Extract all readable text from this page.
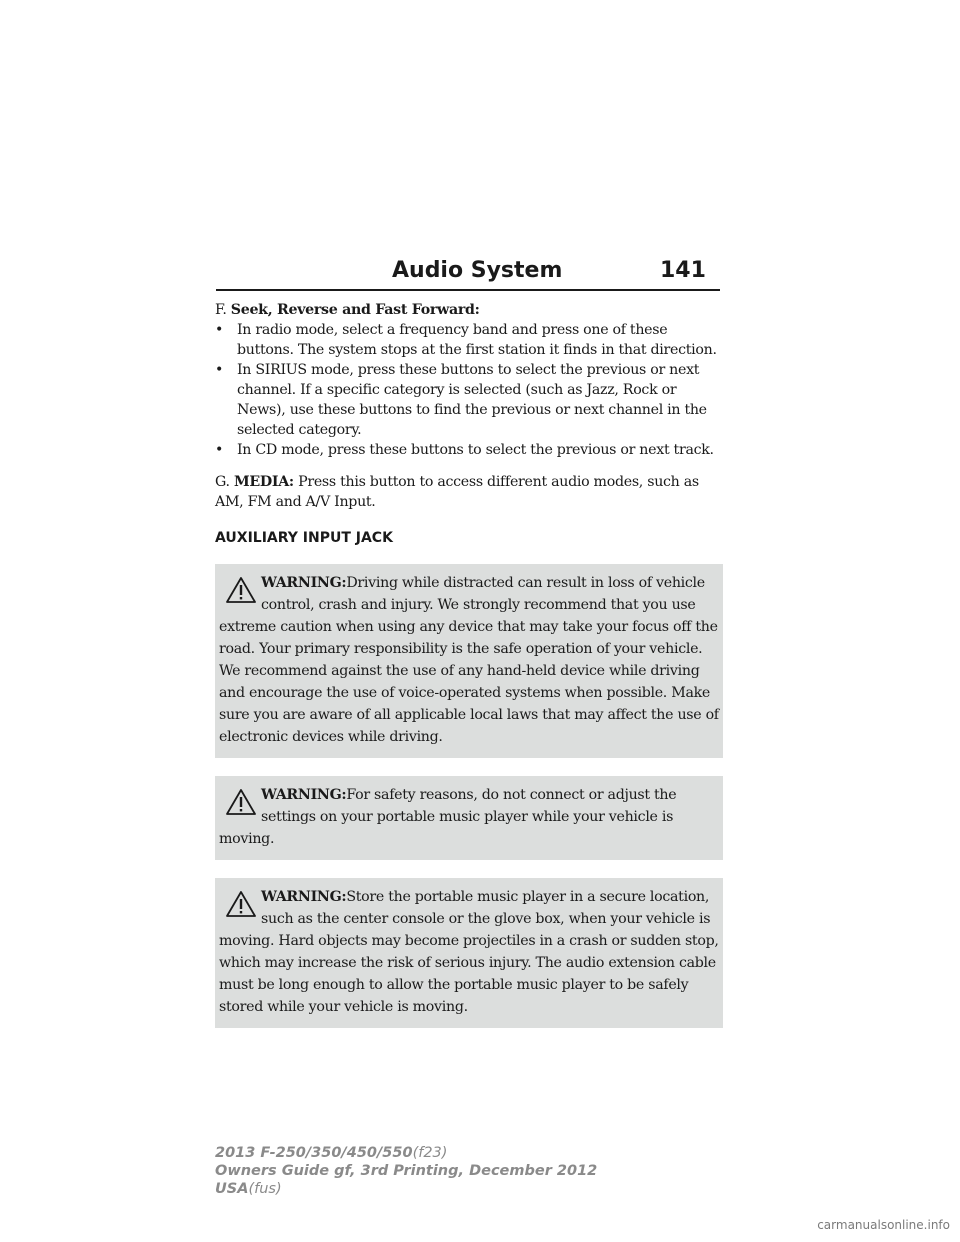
Audio System	141

F. Seek, Reverse and Fast Forward:

• In radio mode, select a frequency band and press one of these buttons. The system stops at the first station it finds in that direction.
• In SIRIUS mode, press these buttons to select the previous or next channel. If a specific category is selected (such as Jazz, Rock or News), use these buttons to find the previous or next channel in the selected category.
• In CD mode, press these buttons to select the previous or next track.

G. MEDIA: Press this button to access different audio modes, such as AM, FM and A/V Input.

AUXILIARY INPUT JACK
WARNING:Driving while distracted can result in loss of vehicle
control, crash and injury. We strongly recommend that you use
extreme caution when using any device that may take your focus off the road. Your primary responsibility is the safe operation of your vehicle. We recommend against the use of any hand-held device while driving and encourage the use of voice-operated systems when possible. Make sure you are aware of all applicable local laws that may affect the use of electronic devices while driving.
WARNING:For safety reasons, do not connect or adjust the
settings on your portable music player while your vehicle is
moving.
WARNING:Store the portable music player in a secure location,
such as the center console or the glove box, when your vehicle is
moving. Hard objects may become projectiles in a crash or sudden stop, which may increase the risk of serious injury. The audio extension cable must be long enough to allow the portable music player to be safely stored while your vehicle is moving.
2013 F-250/350/450/550(f23)
Owners Guide gf, 3rd Printing, December 2012
USA(fus)
carmanualsonline.info
